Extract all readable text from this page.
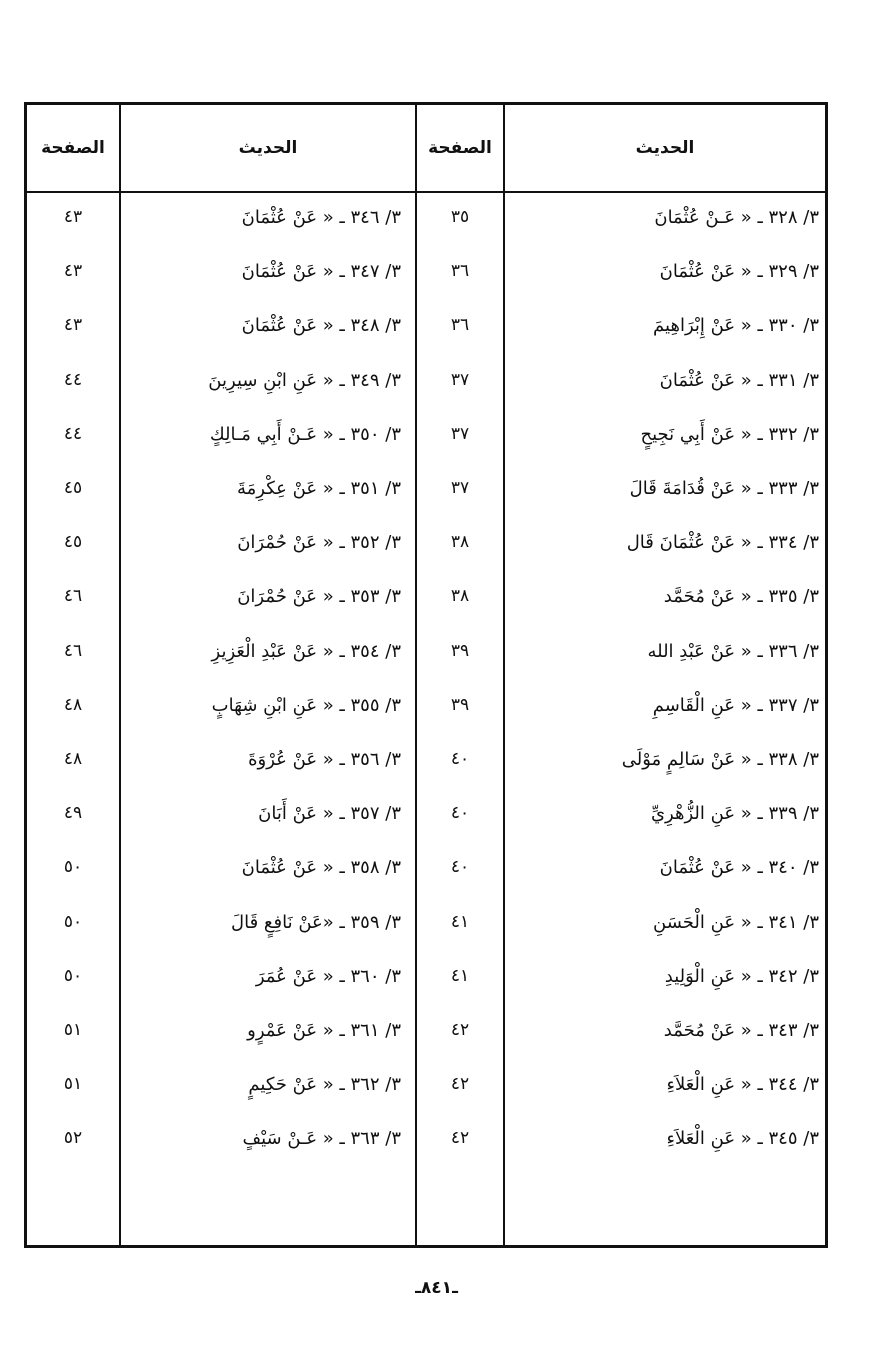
الصفحة
٤٣
٤٣
٤٣
٤٤
٤٤
٤٥
٤٥
٤٦
٤٦
٤٨
٤٨
٤٩
٥٠
٥٠
٥٠
٥١
٥١
٥٢
الحديث
٣/ ٣٤٦ ـ « عَنْ عُثْمَانَ
٣/ ٣٤٧ ـ « عَنْ عُثْمَانَ
٣/ ٣٤٨ ـ « عَنْ عُثْمَانَ
٣/ ٣٤٩ ـ « عَنِ ابْنِ سِيرِينَ
٣/ ٣٥٠ ـ « عَـنْ أَبِي مَـالِكٍ
٣/ ٣٥١ ـ « عَنْ عِكْرِمَةَ
٣/ ٣٥٢ ـ « عَنْ حُمْرَانَ
٣/ ٣٥٣ ـ « عَنْ حُمْرَانَ
٣/ ٣٥٤ ـ « عَنْ عَبْدِ الْعَزِيزِ
٣/ ٣٥٥ ـ « عَنِ ابْنِ شِهَابٍ
٣/ ٣٥٦ ـ « عَنْ عُرْوَةَ
٣/ ٣٥٧ ـ « عَنْ أَبَانَ
٣/ ٣٥٨ ـ « عَنْ عُثْمَانَ
٣/ ٣٥٩ ـ «عَنْ نَافِعٍ قَالَ
٣/ ٣٦٠ ـ « عَنْ عُمَرَ
٣/ ٣٦١ ـ « عَنْ عَمْرٍو
٣/ ٣٦٢ ـ « عَنْ حَكِيمٍ
٣/ ٣٦٣ ـ « عَـنْ سَيْفٍ
الصفحة
٣٥
٣٦
٣٦
٣٧
٣٧
٣٧
٣٨
٣٨
٣٩
٣٩
٤٠
٤٠
٤٠
٤١
٤١
٤٢
٤٢
٤٢
الحديث
٣/ ٣٢٨ ـ « عَـنْ عُثْمَانَ
٣/ ٣٢٩ ـ « عَنْ عُثْمَانَ
٣/ ٣٣٠ ـ « عَنْ إِبْرَاهِيمَ
٣/ ٣٣١ ـ « عَنْ عُثْمَانَ
٣/ ٣٣٢ ـ « عَنْ أَبِي نَجِيحٍ
٣/ ٣٣٣ ـ « عَنْ قُدَامَةَ قَالَ
٣/ ٣٣٤ ـ « عَنْ عُثْمَانَ قَال
٣/ ٣٣٥ ـ « عَنْ مُحَمَّد
٣/ ٣٣٦ ـ « عَنْ عَبْدِ الله
٣/ ٣٣٧ ـ « عَنِ الْقَاسِمِ
٣/ ٣٣٨ ـ « عَنْ سَالِمٍ مَوْلَى
٣/ ٣٣٩ ـ « عَنِ الزُّهْرِيِّ
٣/ ٣٤٠ ـ « عَنْ عُثْمَانَ
٣/ ٣٤١ ـ « عَنِ الْحَسَنِ
٣/ ٣٤٢ ـ « عَنِ الْوَلِيدِ
٣/ ٣٤٣ ـ « عَنْ مُحَمَّد
٣/ ٣٤٤ ـ « عَنِ الْعَلاَءِ
٣/ ٣٤٥ ـ « عَنِ الْعَلاَءِ
ـ٨٤١ـ
